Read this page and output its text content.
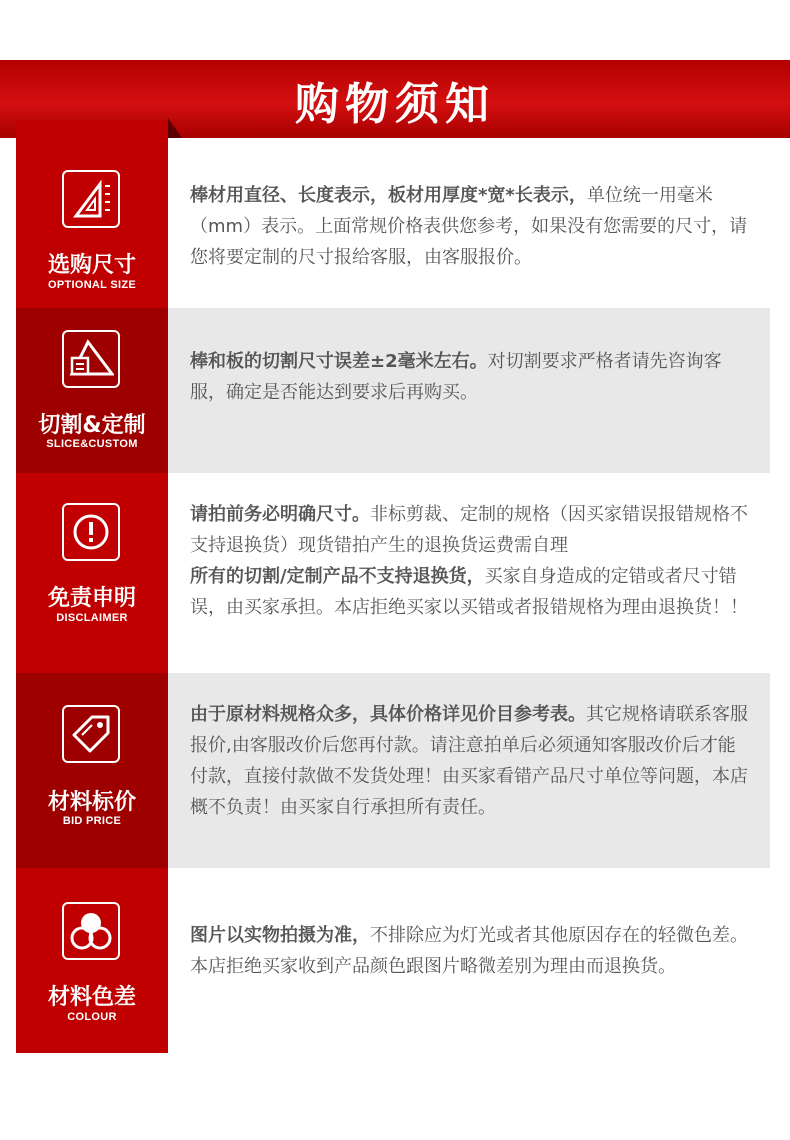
购物须知
选购尺寸
OPTIONAL SIZE
棒材用直径、长度表示，板材用厚度*宽*长表示，单位统一用毫米（mm）表示。上面常规价格表供您参考，如果没有您需要的尺寸，请您将要定制的尺寸报给客服，由客服报价。
切割&定制
SLICE&CUSTOM
棒和板的切割尺寸误差±2毫米左右。对切割要求严格者请先咨询客服，确定是否能达到要求后再购买。
免责申明
DISCLAIMER
请拍前务必明确尺寸。非标剪裁、定制的规格（因买家错误报错规格不支持退换货）现货错拍产生的退换货运费需自理
所有的切割/定制产品不支持退换货，买家自身造成的定错或者尺寸错误，由买家承担。本店拒绝买家以买错或者报错规格为理由退换货！！
材料标价
BID PRICE
由于原材料规格众多，具体价格详见价目参考表。其它规格请联系客服报价,由客服改价后您再付款。请注意拍单后必须通知客服改价后才能付款，直接付款做不发货处理！由买家看错产品尺寸单位等问题，本店概不负责！由买家自行承担所有责任。
材料色差
COLOUR
图片以实物拍摄为准，不排除应为灯光或者其他原因存在的轻微色差。本店拒绝买家收到产品颜色跟图片略微差别为理由而退换货。
